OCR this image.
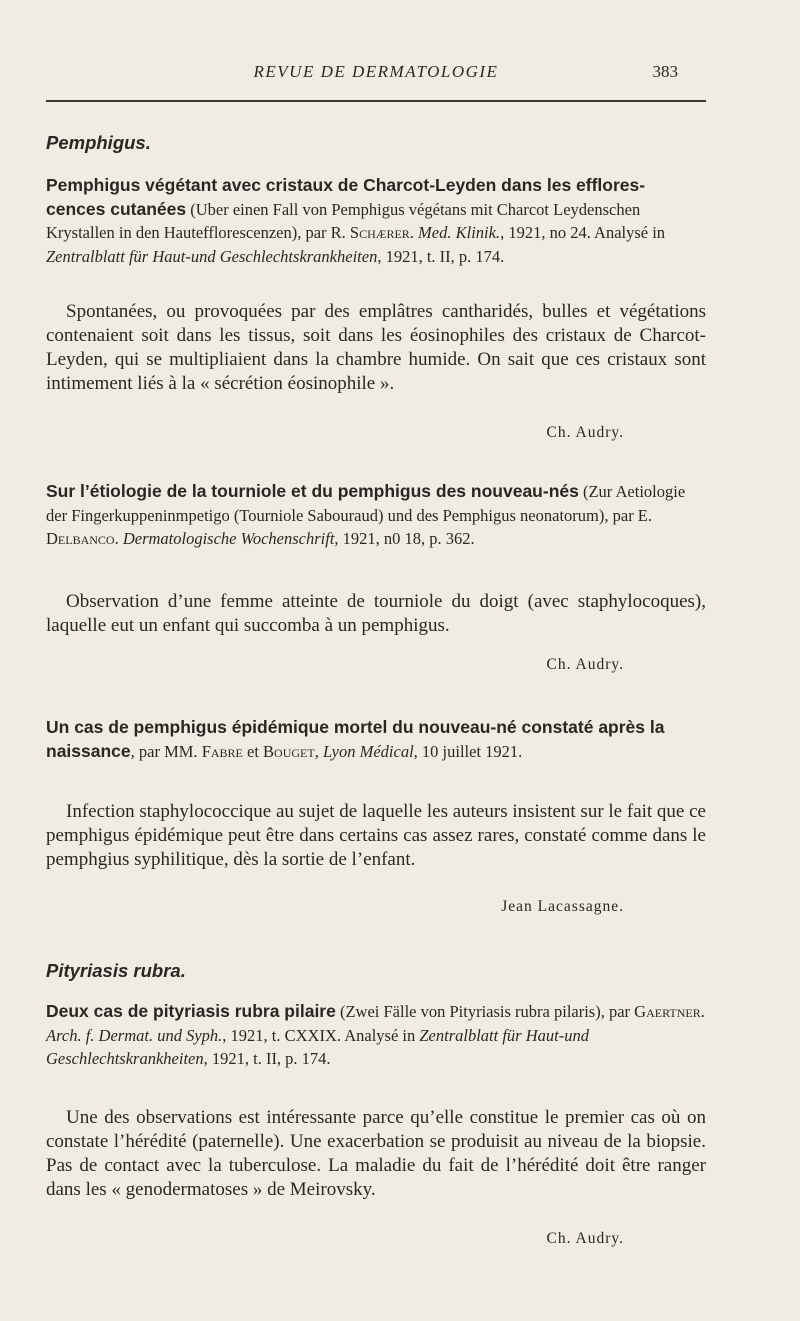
REVUE DE DERMATOLOGIE	383
Pemphigus.
Pemphigus végétant avec cristaux de Charcot-Leyden dans les efflores- cences cutanées (Uber einen Fall von Pemphigus végétans mit Charcot Leydenschen Krystallen in den Hautefflorescenzen), par R. Schærer. Med. Klinik., 1921, no 24. Analysé in Zentralblatt für Haut-und Geschlechtskrankheiten, 1921, t. II, p. 174.
Spontanées, ou provoquées par des emplâtres cantharidés, bulles et végétations contenaient soit dans les tissus, soit dans les éosinophiles des cristaux de Charcot-Leyden, qui se multipliaient dans la chambre humide. On sait que ces cristaux sont intimement liés à la « sécrétion éosinophile ».
Ch. Audry.
Sur l’étiologie de la tourniole et du pemphigus des nouveau-nés (Zur Aetiologie der Fingerkuppeninmpetigo (Tourniole Sabouraud) und des Pemphigus neonatorum), par E. Delbanco. Dermatologische Wochenschrift, 1921, n0 18, p. 362.
Observation d’une femme atteinte de tourniole du doigt (avec staphylocoques), laquelle eut un enfant qui succomba à un pemphigus.
Ch. Audry.
Un cas de pemphigus épidémique mortel du nouveau-né constaté après la naissance, par MM. Fabre et Bouget, Lyon Médical, 10 juillet 1921.
Infection staphylococcique au sujet de laquelle les auteurs insistent sur le fait que ce pemphigus épidémique peut être dans certains cas assez rares, constaté comme dans le pemphgius syphilitique, dès la sortie de l’enfant.
Jean Lacassagne.
Pityriasis rubra.
Deux cas de pityriasis rubra pilaire (Zwei Fälle von Pityriasis rubra pilaris), par Gaertner. Arch. f. Dermat. und Syph., 1921, t. CXXIX. Analysé in Zentralblatt für Haut-und Geschlechtskrankheiten, 1921, t. II, p. 174.
Une des observations est intéressante parce qu’elle constitue le premier cas où on constate l’hérédité (paternelle). Une exacerbation se produisit au niveau de la biopsie. Pas de contact avec la tuberculose. La maladie du fait de l’hérédité doit être ranger dans les « genodermatoses » de Meirovsky.
Ch. Audry.
